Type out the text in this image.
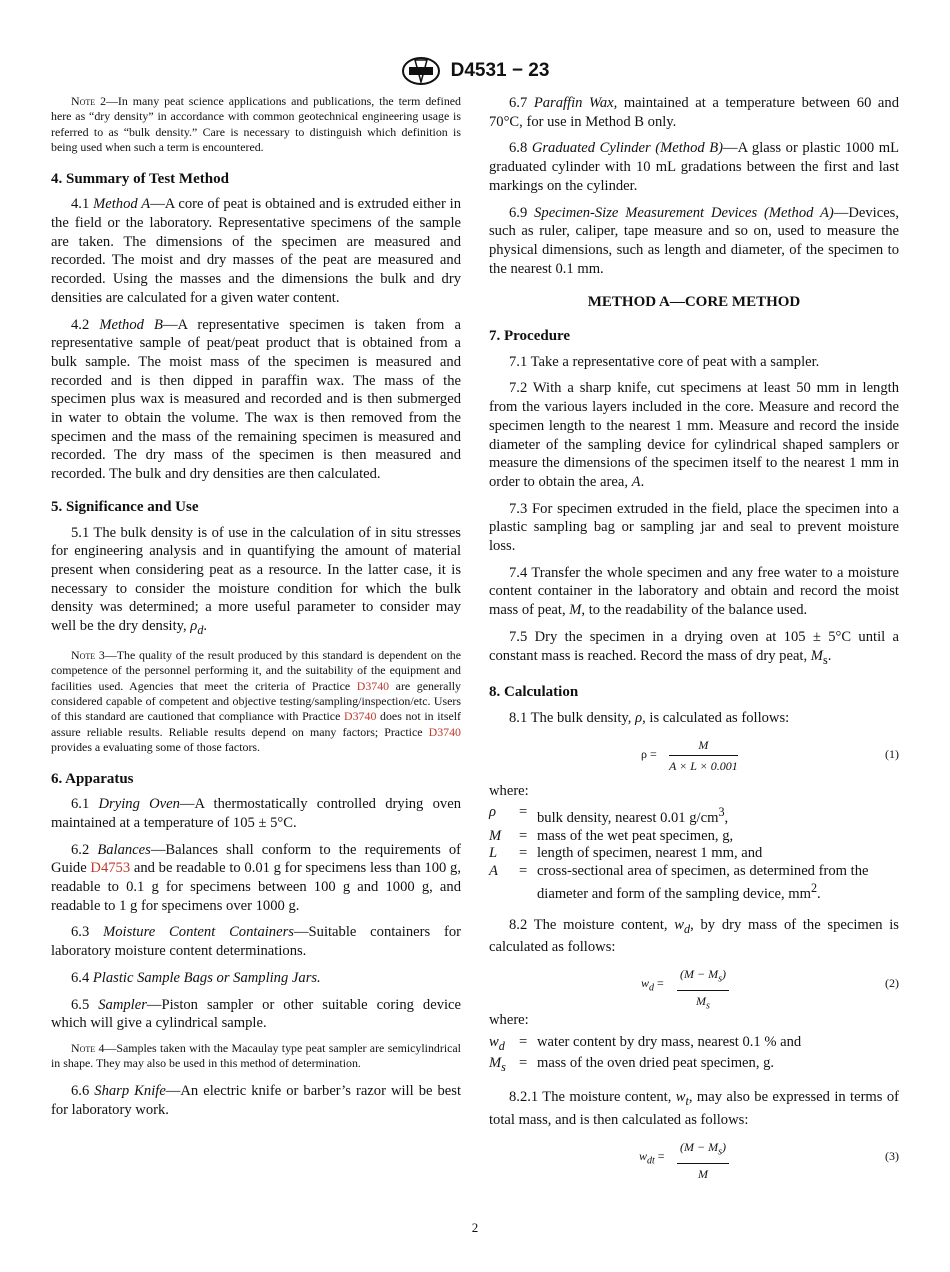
D4531 − 23

Note 2—In many peat science applications and publications, the term defined here as “dry density” in accordance with common geotechnical engineering usage is referred to as “bulk density.” Care is necessary to distinguish which definition is being used when such a term is encountered.

4. Summary of Test Method

4.1 Method A—A core of peat is obtained and is extruded either in the field or the laboratory. Representative specimens of the sample are taken. The dimensions of the specimen are measured and recorded. The moist and dry masses of the peat are measured and recorded. Using the masses and the dimensions the bulk and dry densities are calculated for a given water content.

4.2 Method B—A representative specimen is taken from a representative sample of peat/peat product that is obtained from a bulk sample. The moist mass of the specimen is measured and recorded and is then dipped in paraffin wax. The mass of the specimen plus wax is measured and recorded and is then submerged in water to obtain the volume. The wax is then removed from the specimen and the mass of the remaining specimen is measured and recorded. The dry mass of the specimen is then measured and recorded. The bulk and dry densities are then calculated.

5. Significance and Use

5.1 The bulk density is of use in the calculation of in situ stresses for engineering analysis and in quantifying the amount of material present when considering peat as a resource. In the latter case, it is necessary to consider the moisture condition for which the bulk density was determined; a more useful parameter to consider may well be the dry density, $\rho_d$.

Note 3—The quality of the result produced by this standard is dependent on the competence of the personnel performing it, and the suitability of the equipment and facilities used. Agencies that meet the criteria of Practice D3740 are generally considered capable of competent and objective testing/sampling/inspection/etc. Users of this standard are cautioned that compliance with Practice D3740 does not in itself assure reliable results. Reliable results depend on many factors; Practice D3740 provides a evaluating some of those factors.

6. Apparatus

6.1 Drying Oven—A thermostatically controlled drying oven maintained at a temperature of 105 ± 5°C.

6.2 Balances—Balances shall conform to the requirements of Guide D4753 and be readable to 0.01 g for specimens less than 100 g, readable to 0.1 g for specimens between 100 g and 1000 g, and readable to 1 g for specimens over 1000 g.

6.3 Moisture Content Containers—Suitable containers for laboratory moisture content determinations.

6.4 Plastic Sample Bags or Sampling Jars.

6.5 Sampler—Piston sampler or other suitable coring device which will give a cylindrical sample.

Note 4—Samples taken with the Macaulay type peat sampler are semicylindrical in shape. They may also be used in this method of determination.

6.6 Sharp Knife—An electric knife or barber’s razor will be best for laboratory work.

6.7 Paraffin Wax, maintained at a temperature between 60 and 70°C, for use in Method B only.

6.8 Graduated Cylinder (Method B)—A glass or plastic 1000 mL graduated cylinder with 10 mL gradations between the first and last markings on the cylinder.

6.9 Specimen-Size Measurement Devices (Method A)—Devices, such as ruler, caliper, tape measure and so on, used to measure the physical dimensions, such as length and diameter, of the specimen to the nearest 0.1 mm.

METHOD A—CORE METHOD
7. Procedure

7.1 Take a representative core of peat with a sampler.

7.2 With a sharp knife, cut specimens at least 50 mm in length from the various layers included in the core. Measure and record the specimen length to the nearest 1 mm. Measure and record the inside diameter of the sampling device for cylindrical shaped samplers or measure the dimensions of the specimen itself to the nearest 1 mm in order to obtain the area, A.

7.3 For specimen extruded in the field, place the specimen into a plastic sampling bag or sampling jar and seal to prevent moisture loss.

7.4 Transfer the whole specimen and any free water to a moisture content container in the laboratory and obtain and record the moist mass of peat, M, to the readability of the balance used.

7.5 Dry the specimen in a drying oven at 105 ± 5°C until a constant mass is reached. Record the mass of dry peat, $M_s$.

8. Calculation

8.1 The bulk density, ρ, is calculated as follows:

$\rho = \frac{M}{A \times L \times 0.001}$	(1)
where:
ρ	= bulk density, nearest 0.01 $g/cm^3$,
M	= mass of the wet peat specimen, g,
L	= length of specimen, nearest 1 mm, and
A	= cross-sectional area of specimen, as determined from the diameter and form of the sampling device, $mm^2$.

8.2 The moisture content, $w_d$, by dry mass of the specimen is calculated as follows:

$w_d = \frac{(M - M_s)}{M_s}$	(2)
where:
$w_d$ = water content by dry mass, nearest 0.1 % and
$M_s$ = mass of the oven dried peat specimen, g.

8.2.1 The moisture content, $w_t$, may also be expressed in terms of total mass, and is then calculated as follows:

$w_{dt} = \frac{(M - M_s)}{M}$	(3)
2
